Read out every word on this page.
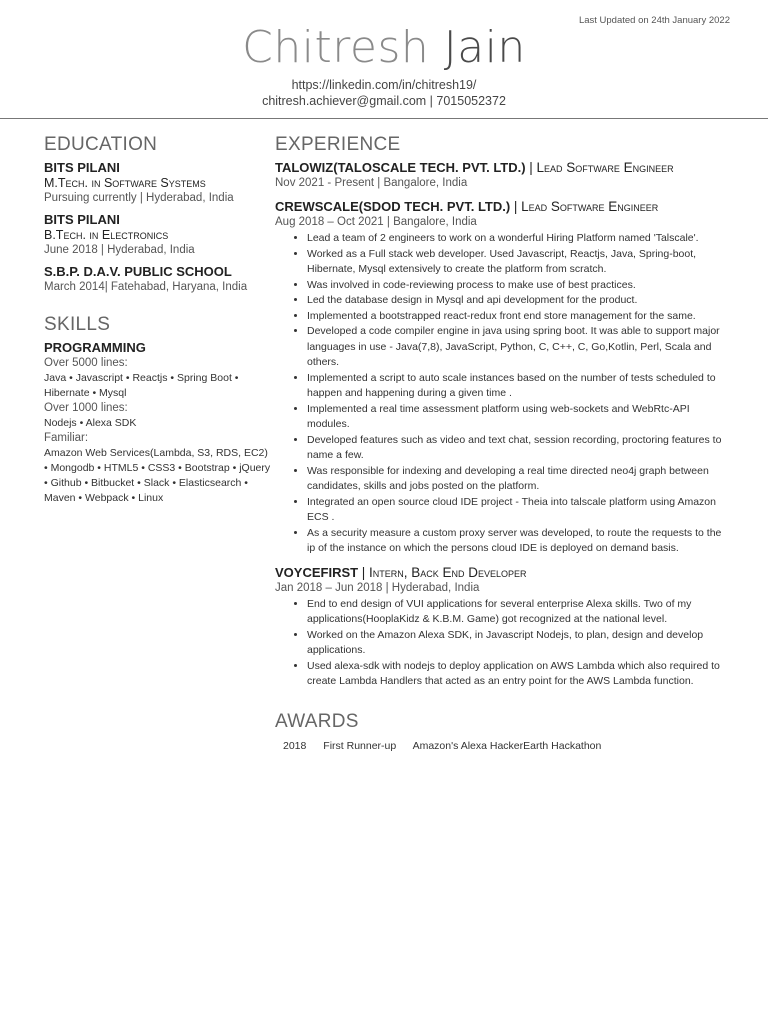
Last Updated on 24th January 2022
Chitresh Jain
https://linkedin.com/in/chitresh19/
chitresh.achiever@gmail.com | 7015052372
EDUCATION
BITS PILANI
M.Tech. in Software Systems
Pursuing currently | Hyderabad, India
BITS PILANI
B.Tech. in Electronics
June 2018 | Hyderabad, India
S.B.P. D.A.V. PUBLIC SCHOOL
March 2014| Fatehabad, Haryana, India
SKILLS
PROGRAMMING
Over 5000 lines:
Java • Javascript • Reactjs • Spring Boot • Hibernate • Mysql
Over 1000 lines:
Nodejs • Alexa SDK
Familiar:
Amazon Web Services(Lambda, S3, RDS, EC2) • Mongodb • HTML5 • CSS3 • Bootstrap • jQuery • Github • Bitbucket • Slack • Elasticsearch • Maven • Webpack • Linux
EXPERIENCE
TALOWIZ(TALOSCALE TECH. PVT. LTD.) | Lead Software Engineer
Nov 2021 - Present | Bangalore, India
CREWSCALE(SDOD TECH. PVT. LTD.) | Lead Software Engineer
Aug 2018 – Oct 2021 | Bangalore, India
• Lead a team of 2 engineers to work on a wonderful Hiring Platform named 'Talscale'.
• Worked as a Full stack web developer. Used Javascript, Reactjs, Java, Spring-boot, Hibernate, Mysql extensively to create the platform from scratch.
• Was involved in code-reviewing process to make use of best practices.
• Led the database design in Mysql and api development for the product.
• Implemented a bootstrapped react-redux front end store management for the same.
• Developed a code compiler engine in java using spring boot. It was able to support major languages in use - Java(7,8), JavaScript, Python, C, C++, C, Go,Kotlin, Perl, Scala and others.
• Implemented a script to auto scale instances based on the number of tests scheduled to happen and happening during a given time .
• Implemented a real time assessment platform using web-sockets and WebRtc-API modules.
• Developed features such as video and text chat, session recording, proctoring features to name a few.
• Was responsible for indexing and developing a real time directed neo4j graph between candidates, skills and jobs posted on the platform.
• Integrated an open source cloud IDE project - Theia into talscale platform using Amazon ECS .
• As a security measure a custom proxy server was developed, to route the requests to the ip of the instance on which the persons cloud IDE is deployed on demand basis.
VOYCEFIRST | Intern, Back End Developer
Jan 2018 – Jun 2018 | Hyderabad, India
• End to end design of VUI applications for several enterprise Alexa skills. Two of my applications(HooplaKidz & K.B.M. Game) got recognized at the national level.
• Worked on the Amazon Alexa SDK, in Javascript Nodejs, to plan, design and develop applications.
• Used alexa-sdk with nodejs to deploy application on AWS Lambda which also required to create Lambda Handlers that acted as an entry point for the AWS Lambda function.
AWARDS
2018 First Runner-up Amazon's Alexa HackerEarth Hackathon
